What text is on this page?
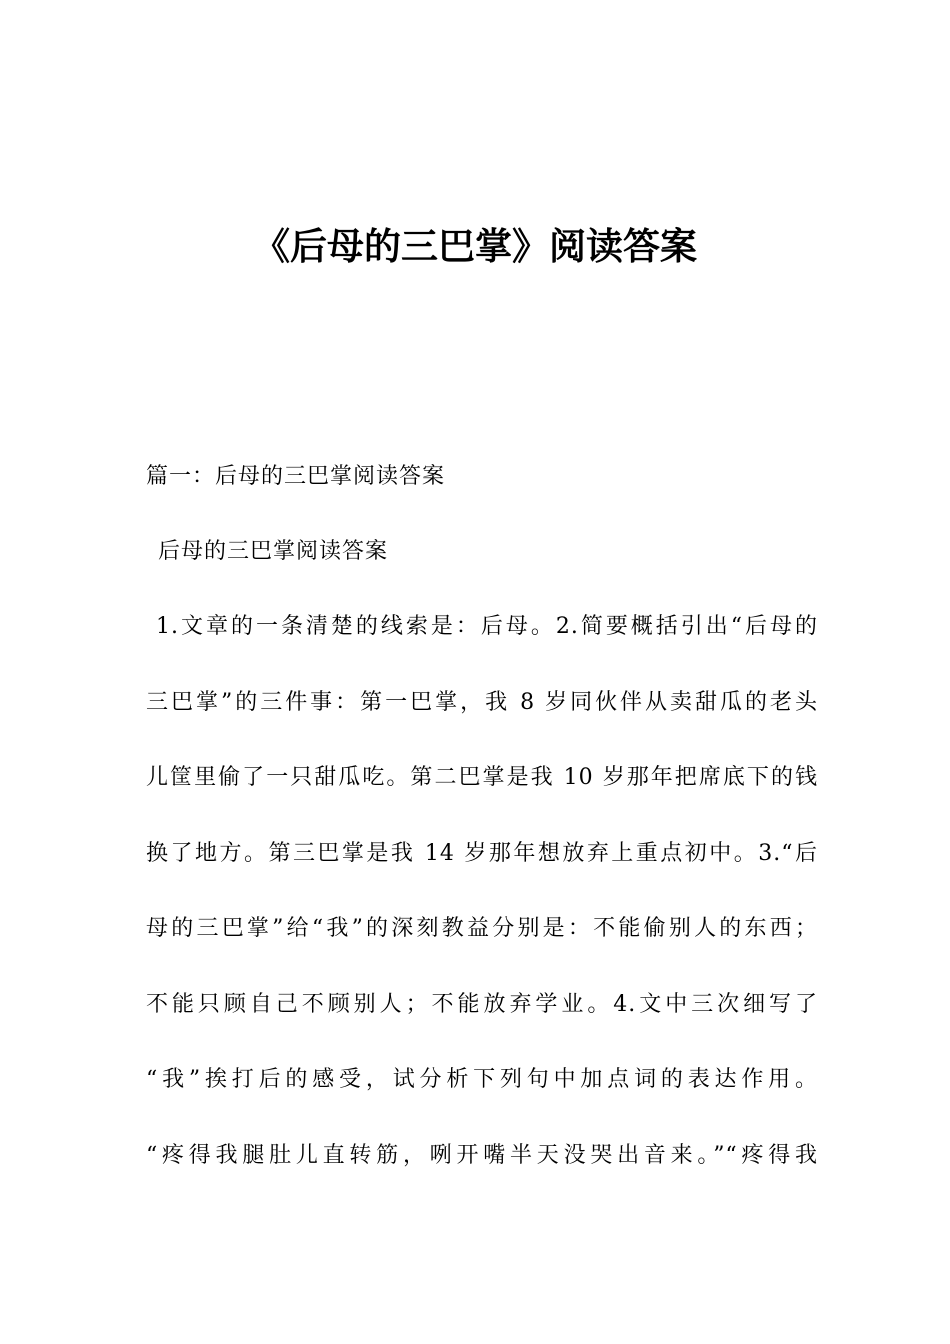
《后母的三巴掌》阅读答案

篇一：后母的三巴掌阅读答案

后母的三巴掌阅读答案

1.文章的一条清楚的线索是：后母。2.简要概括引出“后母的
三巴掌”的三件事：第一巴掌，我 8 岁同伙伴从卖甜瓜的老头
儿筐里偷了一只甜瓜吃。第二巴掌是我 10 岁那年把席底下的钱
换了地方。第三巴掌是我 14 岁那年想放弃上重点初中。3.“后
母的三巴掌”给“我”的深刻教益分别是：不能偷别人的东西；
不能只顾自己不顾别人；不能放弃学业。4.文中三次细写了
“我”挨打后的感受，试分析下列句中加点词的表达作用。
“疼得我腿肚儿直转筋，咧开嘴半天没哭出音来。”“疼得我
